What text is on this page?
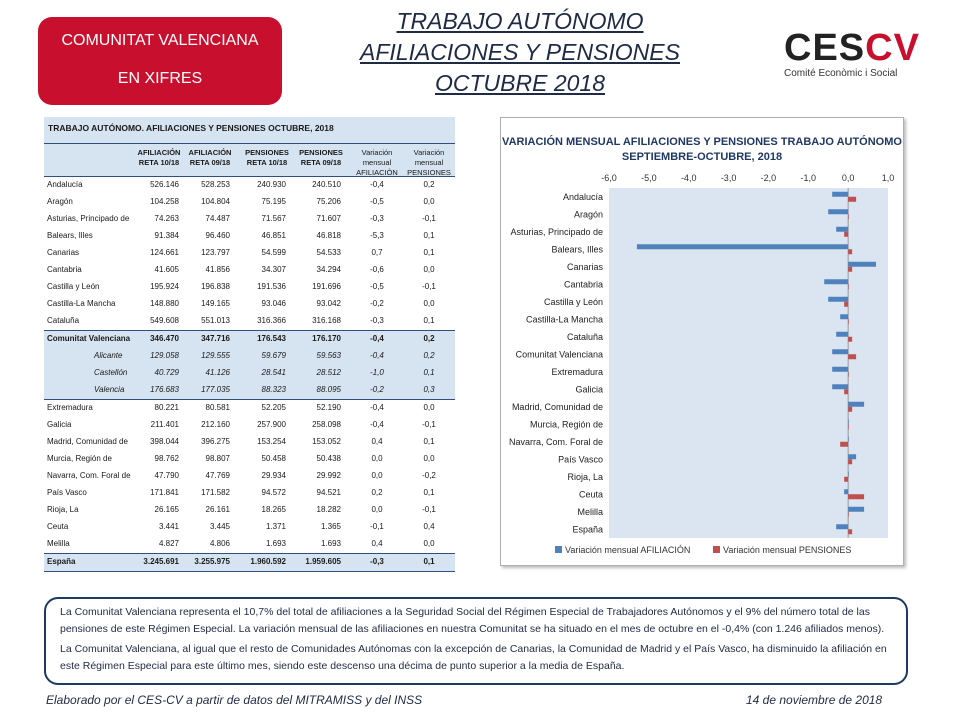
COMUNITAT VALENCIANA
EN XIFRES
TRABAJO AUTÓNOMO
AFILIACIONES Y PENSIONES
OCTUBRE 2018
CESCV
Comité Econòmic i Social
TRABAJO AUTÓNOMO. AFILIACIONES Y PENSIONES OCTUBRE, 2018
AFILIACIÓN RETA 10/18
AFILIACIÓN RETA 09/18
PENSIONES RETA 10/18
PENSIONES RETA 09/18
Variación mensual AFILIACIÓN
Variación mensual PENSIONES
Andalucía	526.146	528.253	240.930	240.510	-0,4	0,2
Aragón	104.258	104.804	75.195	75.206	-0,5	0,0
Asturias, Principado de	74.263	74.487	71.567	71.607	-0,3	-0,1
Balears, Illes	91.384	96.460	46.851	46.818	-5,3	0,1
Canarias	124.661	123.797	54.599	54.533	0,7	0,1
Cantabria	41.605	41.856	34.307	34.294	-0,6	0,0
Castilla y León	195.924	196.838	191.536	191.696	-0,5	-0,1
Castilla-La Mancha	148.880	149.165	93.046	93.042	-0,2	0,0
Cataluña	549.608	551.013	316.366	316.168	-0,3	0,1
Comunitat Valenciana	346.470	347.716	176.543	176.170	-0,4	0,2
Alicante	129.058	129.555	59.679	59.563	-0,4	0,2
Castellón	40.729	41.126	28.541	28.512	-1,0	0,1
Valencia	176.683	177.035	88.323	88.095	-0,2	0,3
Extremadura	80.221	80.581	52.205	52.190	-0,4	0,0
Galicia	211.401	212.160	257.900	258.098	-0,4	-0,1
Madrid, Comunidad de	398.044	396.275	153.254	153.052	0,4	0,1
Murcia, Región de	98.762	98.807	50.458	50.438	0,0	0,0
Navarra, Com. Foral de	47.790	47.769	29.934	29.992	0,0	-0,2
País Vasco	171.841	171.582	94.572	94.521	0,2	0,1
Rioja, La	26.165	26.161	18.265	18.282	0,0	-0,1
Ceuta	3.441	3.445	1.371	1.365	-0,1	0,4
Melilla	4.827	4.806	1.693	1.693	0,4	0,0
España	3.245.691	3.255.975	1.960.592	1.959.605	-0,3	0,1
VARIACIÓN MENSUAL AFILIACIONES Y PENSIONES TRABAJO AUTÓNOMO SEPTIEMBRE-OCTUBRE, 2018
-6,0	-5,0	-4,0	-3,0	-2,0	-1,0	0,0	1,0
Andalucía
Aragón
Asturias, Principado de
Balears, Illes
Canarias
Cantabria
Castilla y León
Castilla-La Mancha
Cataluña
Comunitat Valenciana
Extremadura
Galicia
Madrid, Comunidad de
Murcia, Región de
Navarra, Com. Foral de
País Vasco
Rioja, La
Ceuta
Melilla
España
Variación mensual AFILIACIÓN	Variación mensual PENSIONES

La Comunitat Valenciana representa el 10,7% del total de afiliaciones a la Seguridad Social del Régimen Especial de Trabajadores Autónomos y el 9% del número total de las pensiones de este Régimen Especial. La variación mensual de las afiliaciones en nuestra Comunitat se ha situado en el mes de octubre en el -0,4% (con 1.246 afiliados menos).

La Comunitat Valenciana, al igual que el resto de Comunidades Autónomas con la excepción de Canarias, la Comunidad de Madrid y el País Vasco, ha disminuido la afiliación en este Régimen Especial para este último mes, siendo este descenso una décima de punto superior a la media de España.

Elaborado por el CES-CV a partir de datos del MITRAMISS y del INSS	14 de noviembre de 2018
